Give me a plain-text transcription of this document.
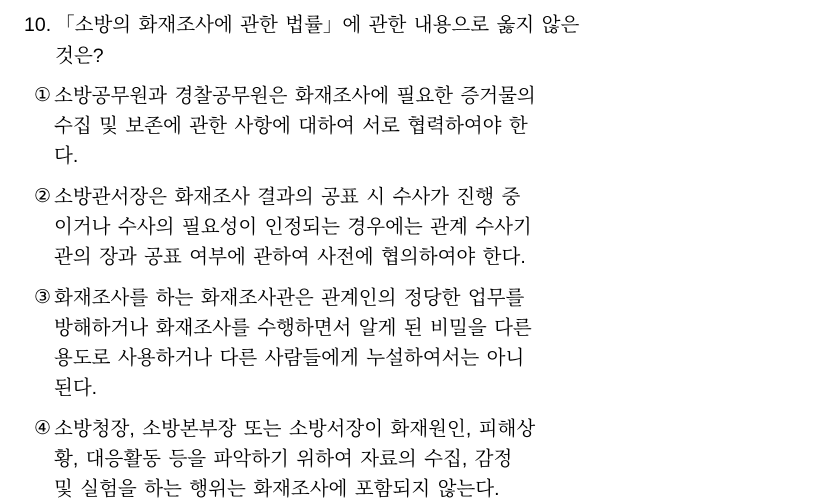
10. 「소방의 화재조사에 관한 법률」에 관한 내용으로 옳지 않은
것은?
① 소방공무원과 경찰공무원은 화재조사에 필요한 증거물의
수집 및 보존에 관한 사항에 대하여 서로 협력하여야 한
다.
② 소방관서장은 화재조사 결과의 공표 시 수사가 진행 중
이거나 수사의 필요성이 인정되는 경우에는 관계 수사기
관의 장과 공표 여부에 관하여 사전에 협의하여야 한다.
③ 화재조사를 하는 화재조사관은 관계인의 정당한 업무를
방해하거나 화재조사를 수행하면서 알게 된 비밀을 다른
용도로 사용하거나 다른 사람들에게 누설하여서는 아니
된다.
④ 소방청장, 소방본부장 또는 소방서장이 화재원인, 피해상
황, 대응활동 등을 파악하기 위하여 자료의 수집, 감정
및 실험을 하는 행위는 화재조사에 포함되지 않는다.
